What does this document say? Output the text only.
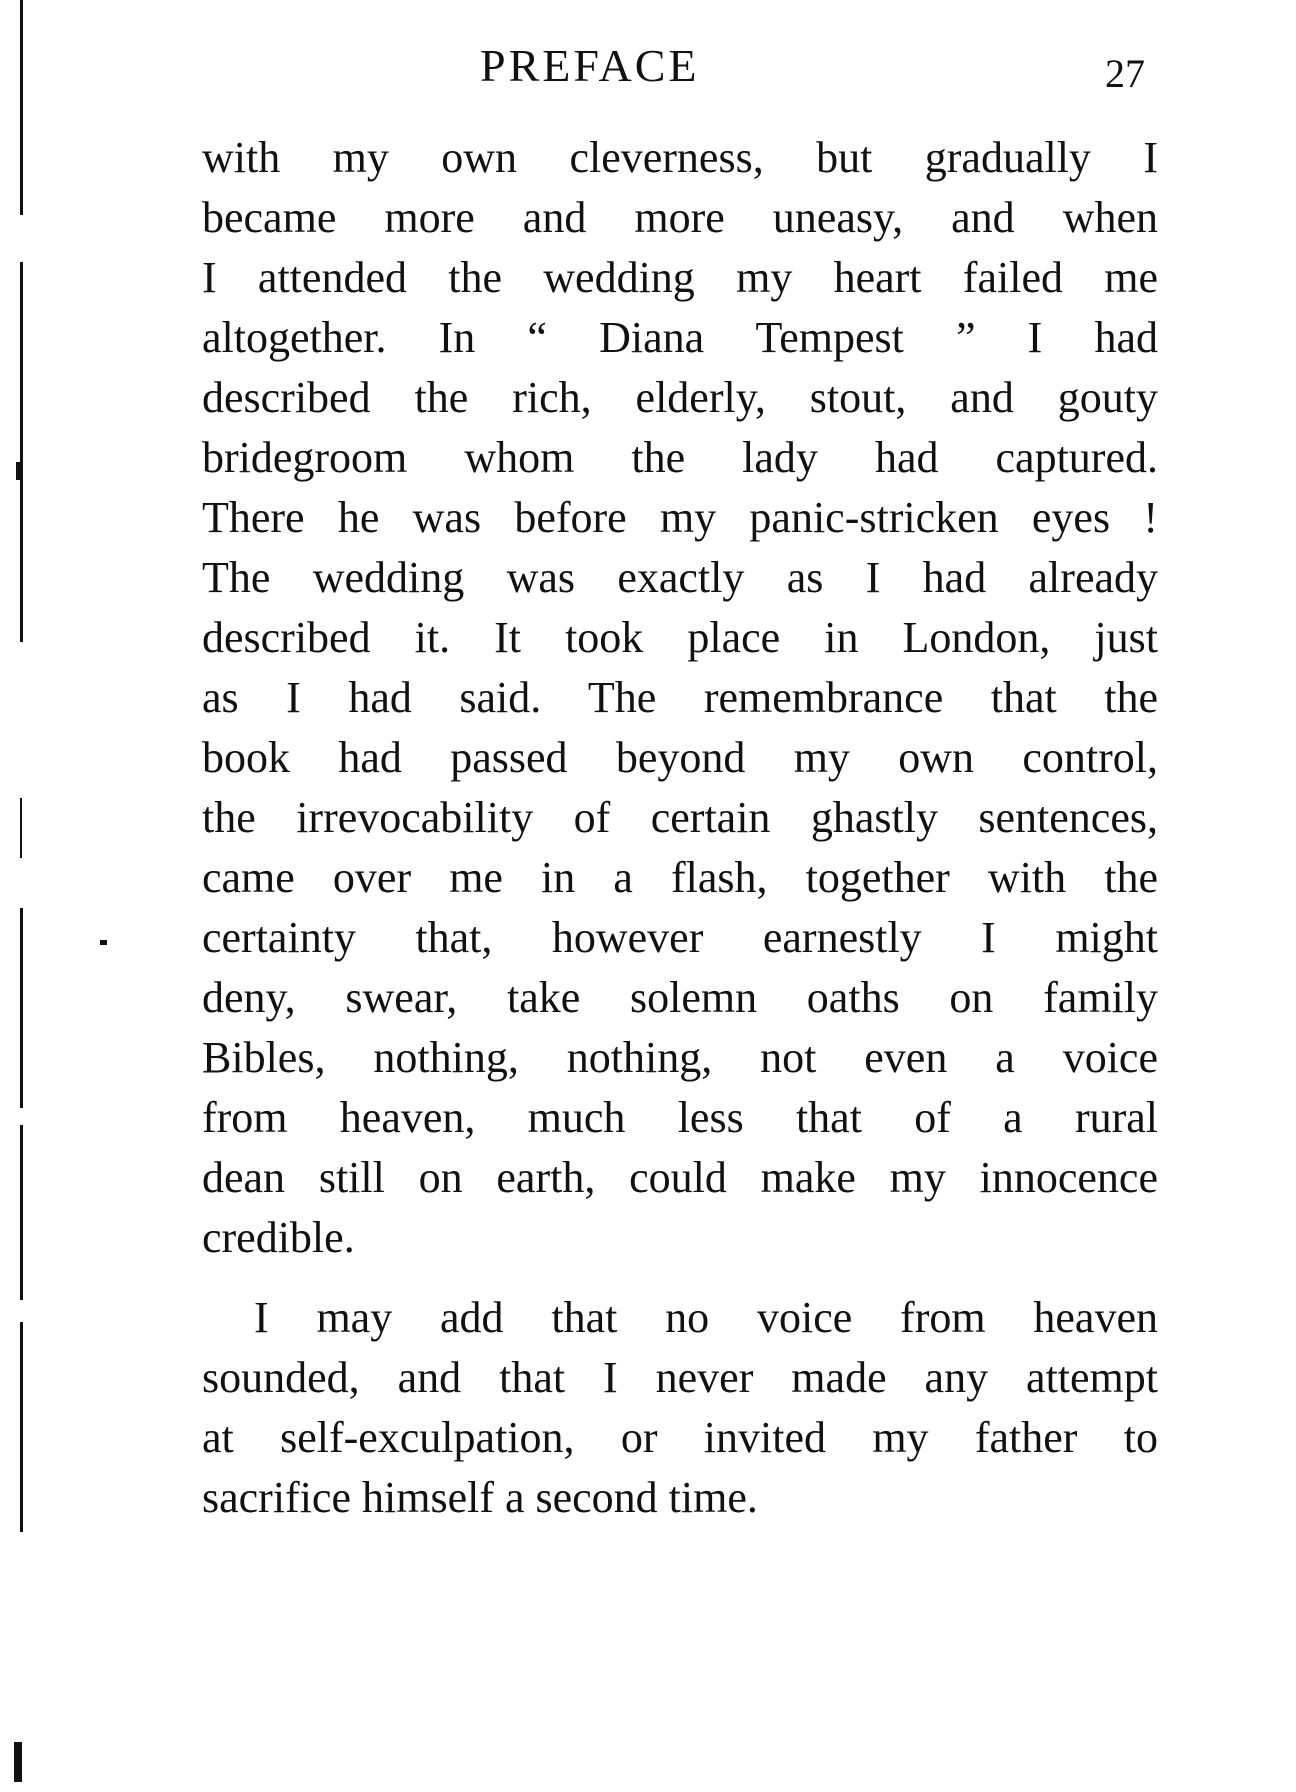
PREFACE	27
with my own cleverness, but gradually I
became more and more uneasy, and when
I attended the wedding my heart failed me
altogether. In “ Diana Tempest ” I had
described the rich, elderly, stout, and gouty
bridegroom whom the lady had captured.
There he was before my panic-stricken eyes !
The wedding was exactly as I had already
described it. It took place in London, just
as I had said. The remembrance that the
book had passed beyond my own control,
the irrevocability of certain ghastly sentences,
came over me in a flash, together with the
certainty that, however earnestly I might
deny, swear, take solemn oaths on family
Bibles, nothing, nothing, not even a voice
from heaven, much less that of a rural
dean still on earth, could make my innocence
credible.
I may add that no voice from heaven
sounded, and that I never made any attempt
at self-exculpation, or invited my father to
sacrifice himself a second time.
